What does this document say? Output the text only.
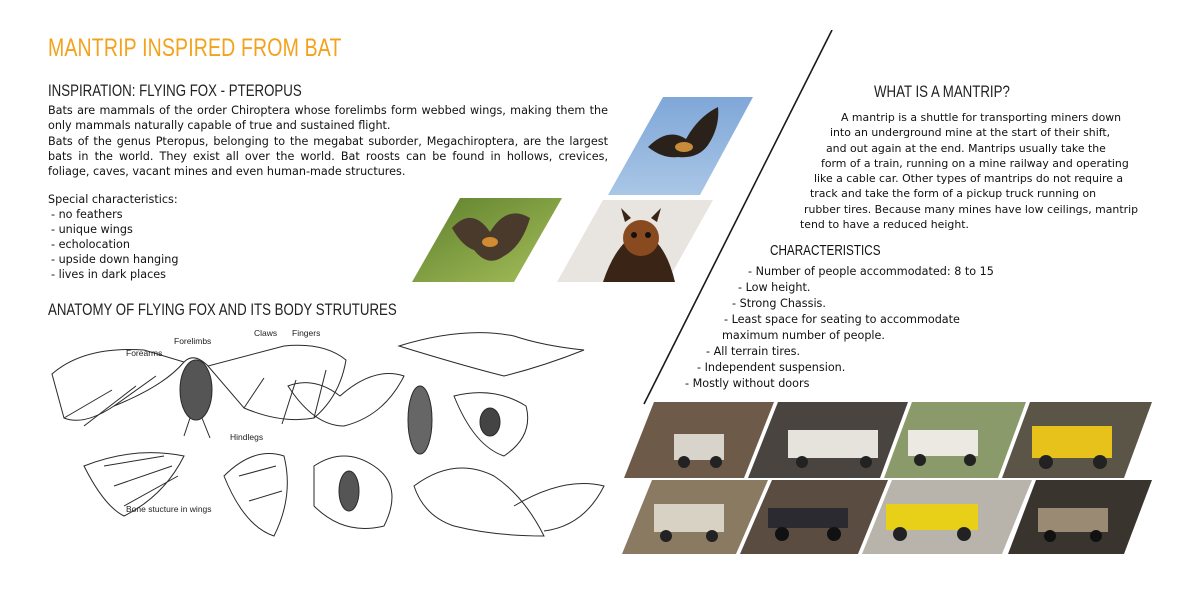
MANTRIP INSPIRED FROM BAT
INSPIRATION: FLYING FOX - PTEROPUS

Bats are mammals of the order Chiroptera whose forelimbs form webbed wings, making them the only mammals naturally capable of true and sustained flight.

Bats of the genus Pteropus, belonging to the megabat suborder, Megachiroptera, are the largest bats in the world. They exist all over the world. Bat roosts can be found in hollows, crevices, foliage, caves, vacant mines and even human-made structures.

Special characteristics:
- no feathers
- unique wings
- echolocation
- upside down hanging
- lives in dark places
ANATOMY OF FLYING FOX AND ITS BODY STRUTURES
Forearms
Forelimbs
Claws Fingers
Hindlegs
Bone stucture in wings
WHAT IS A MANTRIP?
A mantrip is a shuttle for transporting miners down
into an underground mine at the start of their shift,
and out again at the end. Mantrips usually take the
form of a train, running on a mine railway and operating
like a cable car. Other types of mantrips do not require a
track and take the form of a pickup truck running on
rubber tires. Because many mines have low ceilings, mantrip
tend to have a reduced height.
CHARACTERISTICS
- Number of people accommodated: 8 to 15
- Low height.
- Strong Chassis.
- Least space for seating to accommodate
maximum number of people.
- All terrain tires.
- Independent suspension.
- Mostly without doors
